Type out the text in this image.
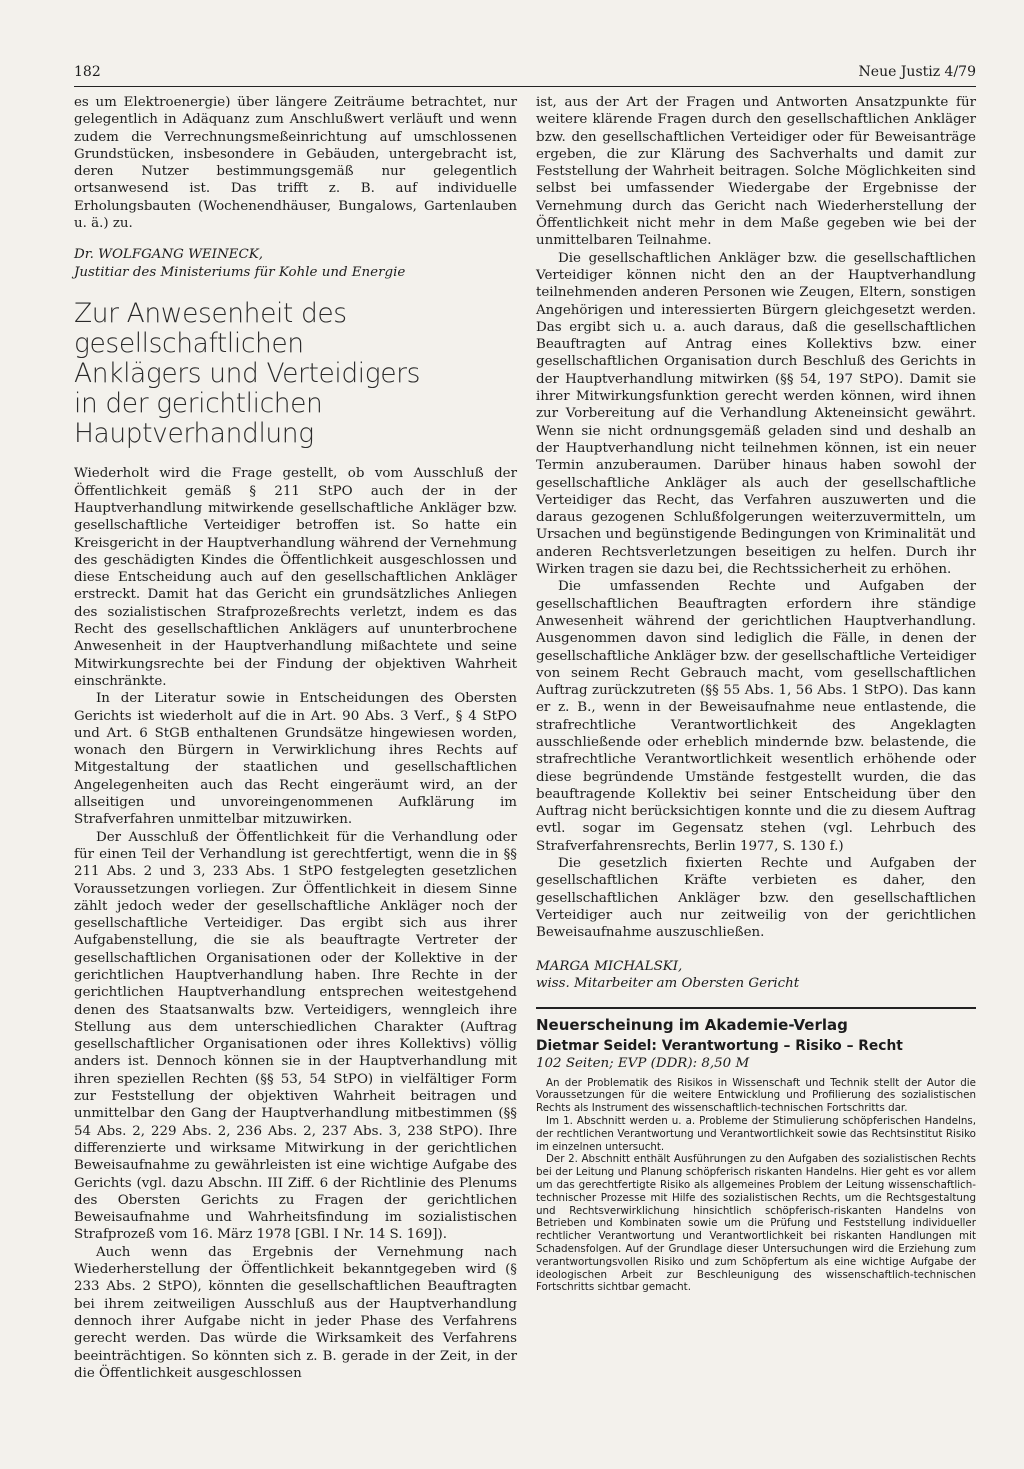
182	Neue Justiz 4/79

es um Elektroenergie) über längere Zeiträume betrachtet, nur gelegentlich in Adäquanz zum Anschlußwert verläuft und wenn zudem die Verrechnungsmeßeinrichtung auf umschlossenen Grundstücken, insbesondere in Gebäuden, untergebracht ist, deren Nutzer bestimmungsgemäß nur gelegentlich ortsanwesend ist. Das trifft z. B. auf individuelle Erholungsbauten (Wochenendhäuser, Bungalows, Gartenlauben u. ä.) zu.

Dr. WOLFGANG WEINECK,

Justitiar des Ministeriums für Kohle und Energie

Zur Anwesenheit des gesellschaftlichen
Anklägers und Verteidigers
in der gerichtlichen Hauptverhandlung

Wiederholt wird die Frage gestellt, ob vom Ausschluß der Öffentlichkeit gemäß § 211 StPO auch der in der Hauptverhandlung mitwirkende gesellschaftliche Ankläger bzw. gesellschaftliche Verteidiger betroffen ist. So hatte ein Kreisgericht in der Hauptverhandlung während der Vernehmung des geschädigten Kindes die Öffentlichkeit ausgeschlossen und diese Entscheidung auch auf den gesellschaftlichen Ankläger erstreckt. Damit hat das Gericht ein grundsätzliches Anliegen des sozialistischen Strafprozeßrechts verletzt, indem es das Recht des gesellschaftlichen Anklägers auf ununterbrochene Anwesenheit in der Hauptverhandlung mißachtete und seine Mitwirkungsrechte bei der Findung der objektiven Wahrheit einschränkte.

In der Literatur sowie in Entscheidungen des Obersten Gerichts ist wiederholt auf die in Art. 90 Abs. 3 Verf., § 4 StPO und Art. 6 StGB enthaltenen Grundsätze hingewiesen worden, wonach den Bürgern in Verwirklichung ihres Rechts auf Mitgestaltung der staatlichen und gesellschaftlichen Angelegenheiten auch das Recht eingeräumt wird, an der allseitigen und unvoreingenommenen Aufklärung im Strafverfahren unmittelbar mitzuwirken.

Der Ausschluß der Öffentlichkeit für die Verhandlung oder für einen Teil der Verhandlung ist gerechtfertigt, wenn die in §§ 211 Abs. 2 und 3, 233 Abs. 1 StPO festgelegten gesetzlichen Voraussetzungen vorliegen. Zur Öffentlichkeit in diesem Sinne zählt jedoch weder der gesellschaftliche Ankläger noch der gesellschaftliche Verteidiger. Das ergibt sich aus ihrer Aufgabenstellung, die sie als beauftragte Vertreter der gesellschaftlichen Organisationen oder der Kollektive in der gerichtlichen Hauptverhandlung haben. Ihre Rechte in der gerichtlichen Hauptverhandlung entsprechen weitestgehend denen des Staatsanwalts bzw. Verteidigers, wenngleich ihre Stellung aus dem unterschiedlichen Charakter (Auftrag gesellschaftlicher Organisationen oder ihres Kollektivs) völlig anders ist. Dennoch können sie in der Hauptverhandlung mit ihren speziellen Rechten (§§ 53, 54 StPO) in vielfältiger Form zur Feststellung der objektiven Wahrheit beitragen und unmittelbar den Gang der Hauptverhandlung mitbestimmen (§§ 54 Abs. 2, 229 Abs. 2, 236 Abs. 2, 237 Abs. 3, 238 StPO). Ihre differenzierte und wirksame Mitwirkung in der gerichtlichen Beweisaufnahme zu gewährleisten ist eine wichtige Aufgabe des Gerichts (vgl. dazu Abschn. III Ziff. 6 der Richtlinie des Plenums des Obersten Gerichts zu Fragen der gerichtlichen Beweisaufnahme und Wahrheitsfindung im sozialistischen Strafprozeß vom 16. März 1978 [GBl. I Nr. 14 S. 169]).

Auch wenn das Ergebnis der Vernehmung nach Wiederherstellung der Öffentlichkeit bekanntgegeben wird (§ 233 Abs. 2 StPO), könnten die gesellschaftlichen Beauftragten bei ihrem zeitweiligen Ausschluß aus der Hauptverhandlung dennoch ihrer Aufgabe nicht in jeder Phase des Verfahrens gerecht werden. Das würde die Wirksamkeit des Verfahrens beeinträchtigen. So könnten sich z. B. gerade in der Zeit, in der die Öffentlichkeit ausgeschlossen

ist, aus der Art der Fragen und Antworten Ansatzpunkte für weitere klärende Fragen durch den gesellschaftlichen Ankläger bzw. den gesellschaftlichen Verteidiger oder für Beweisanträge ergeben, die zur Klärung des Sachverhalts und damit zur Feststellung der Wahrheit beitragen. Solche Möglichkeiten sind selbst bei umfassender Wiedergabe der Ergebnisse der Vernehmung durch das Gericht nach Wiederherstellung der Öffentlichkeit nicht mehr in dem Maße gegeben wie bei der unmittelbaren Teilnahme.

Die gesellschaftlichen Ankläger bzw. die gesellschaftlichen Verteidiger können nicht den an der Hauptverhandlung teilnehmenden anderen Personen wie Zeugen, Eltern, sonstigen Angehörigen und interessierten Bürgern gleichgesetzt werden. Das ergibt sich u. a. auch daraus, daß die gesellschaftlichen Beauftragten auf Antrag eines Kollektivs bzw. einer gesellschaftlichen Organisation durch Beschluß des Gerichts in der Hauptverhandlung mitwirken (§§ 54, 197 StPO). Damit sie ihrer Mitwirkungsfunktion gerecht werden können, wird ihnen zur Vorbereitung auf die Verhandlung Akteneinsicht gewährt. Wenn sie nicht ordnungsgemäß geladen sind und deshalb an der Hauptverhandlung nicht teilnehmen können, ist ein neuer Termin anzuberaumen. Darüber hinaus haben sowohl der gesellschaftliche Ankläger als auch der gesellschaftliche Verteidiger das Recht, das Verfahren auszuwerten und die daraus gezogenen Schlußfolgerungen weiterzuvermitteln, um Ursachen und begünstigende Bedingungen von Kriminalität und anderen Rechtsverletzungen beseitigen zu helfen. Durch ihr Wirken tragen sie dazu bei, die Rechtssicherheit zu erhöhen.

Die umfassenden Rechte und Aufgaben der gesellschaftlichen Beauftragten erfordern ihre ständige Anwesenheit während der gerichtlichen Hauptverhandlung. Ausgenommen davon sind lediglich die Fälle, in denen der gesellschaftliche Ankläger bzw. der gesellschaftliche Verteidiger von seinem Recht Gebrauch macht, vom gesellschaftlichen Auftrag zurückzutreten (§§ 55 Abs. 1, 56 Abs. 1 StPO). Das kann er z. B., wenn in der Beweisaufnahme neue entlastende, die strafrechtliche Verantwortlichkeit des Angeklagten ausschließende oder erheblich mindernde bzw. belastende, die strafrechtliche Verantwortlichkeit wesentlich erhöhende oder diese begründende Umstände festgestellt wurden, die das beauftragende Kollektiv bei seiner Entscheidung über den Auftrag nicht berücksichtigen konnte und die zu diesem Auftrag evtl. sogar im Gegensatz stehen (vgl. Lehrbuch des Strafverfahrensrechts, Berlin 1977, S. 130 f.)

Die gesetzlich fixierten Rechte und Aufgaben der gesellschaftlichen Kräfte verbieten es daher, den gesellschaftlichen Ankläger bzw. den gesellschaftlichen Verteidiger auch nur zeitweilig von der gerichtlichen Beweisaufnahme auszuschließen.

MARGA MICHALSKI,

wiss. Mitarbeiter am Obersten Gericht

Neuerscheinung im Akademie-Verlag

Dietmar Seidel: Verantwortung – Risiko – Recht

102 Seiten; EVP (DDR): 8,50 M

An der Problematik des Risikos in Wissenschaft und Technik stellt der Autor die Voraussetzungen für die weitere Entwicklung und Profilierung des sozialistischen Rechts als Instrument des wissenschaftlich-technischen Fortschritts dar.

Im 1. Abschnitt werden u. a. Probleme der Stimulierung schöpferischen Handelns, der rechtlichen Verantwortung und Verantwortlichkeit sowie das Rechtsinstitut Risiko im einzelnen untersucht.

Der 2. Abschnitt enthält Ausführungen zu den Aufgaben des sozialistischen Rechts bei der Leitung und Planung schöpferisch riskanten Handelns. Hier geht es vor allem um das gerechtfertigte Risiko als allgemeines Problem der Leitung wissenschaftlich-technischer Prozesse mit Hilfe des sozialistischen Rechts, um die Rechtsgestaltung und Rechtsverwirklichung hinsichtlich schöpferisch-riskanten Handelns von Betrieben und Kombinaten sowie um die Prüfung und Feststellung individueller rechtlicher Verantwortung und Verantwortlichkeit bei riskanten Handlungen mit Schadensfolgen. Auf der Grundlage dieser Untersuchungen wird die Erziehung zum verantwortungsvollen Risiko und zum Schöpfertum als eine wichtige Aufgabe der ideologischen Arbeit zur Beschleunigung des wissenschaftlich-technischen Fortschritts sichtbar gemacht.
